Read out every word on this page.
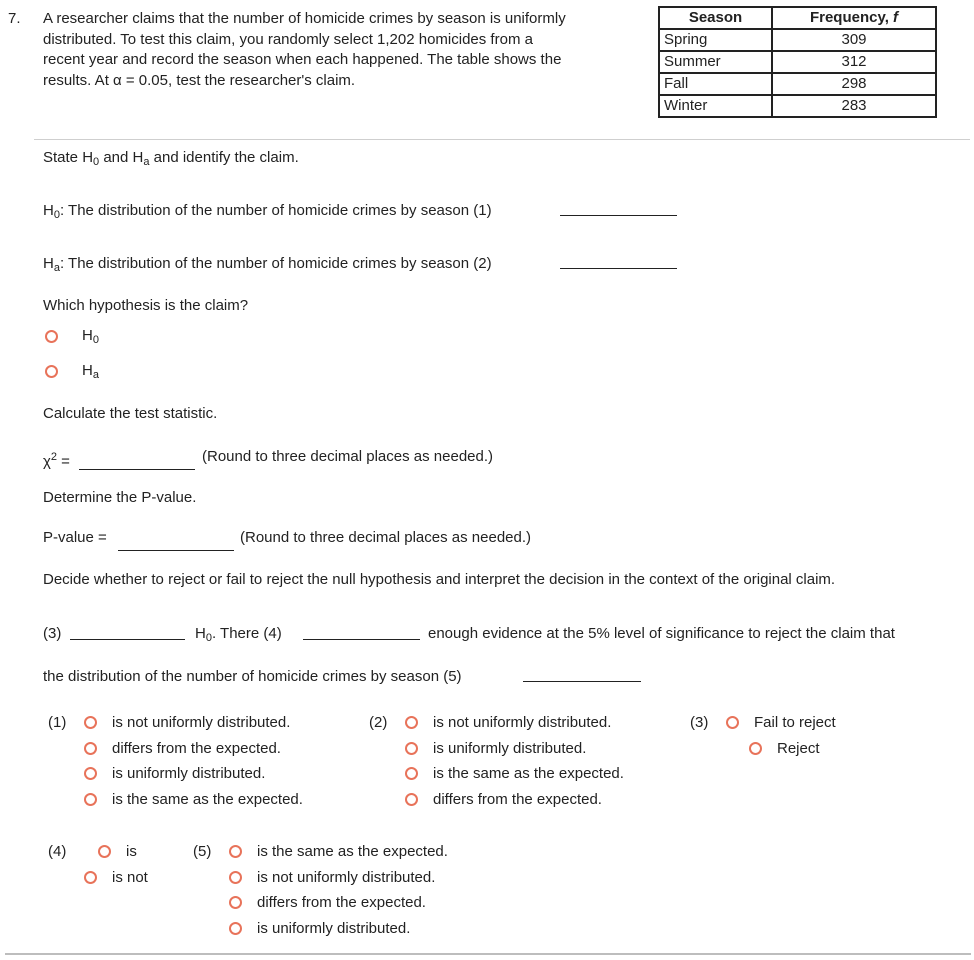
7. A researcher claims that the number of homicide crimes by season is uniformly
distributed. To test this claim, you randomly select 1,202 homicides from a
recent year and record the season when each happened. The table shows the
results. At α = 0.05, test the researcher's claim.
Season	Frequency, f
Spring	309
Summer	312
Fall	298
Winter	283
State $H_0$ and $H_a$ and identify the claim.
$H_0$: The distribution of the number of homicide crimes by season (1)
$H_a$: The distribution of the number of homicide crimes by season (2)
Which hypothesis is the claim?
$H_0$
$H_a$
Calculate the test statistic.
$\chi^2$ =	(Round to three decimal places as needed.)
Determine the P-value.
P-value =	(Round to three decimal places as needed.)
Decide whether to reject or fail to reject the null hypothesis and interpret the decision in the context of the original claim.
(3)	$H_0$. There (4)	enough evidence at the 5% level of significance to reject the claim that
the distribution of the number of homicide crimes by season (5)
(1)	is not uniformly distributed.
differs from the expected.
is uniformly distributed.
is the same as the expected.
(2)	is not uniformly distributed.
is uniformly distributed.
is the same as the expected.
differs from the expected.
(3)	Fail to reject
Reject
(4)	is
is not
(5)	is the same as the expected.
is not uniformly distributed.
differs from the expected.
is uniformly distributed.
